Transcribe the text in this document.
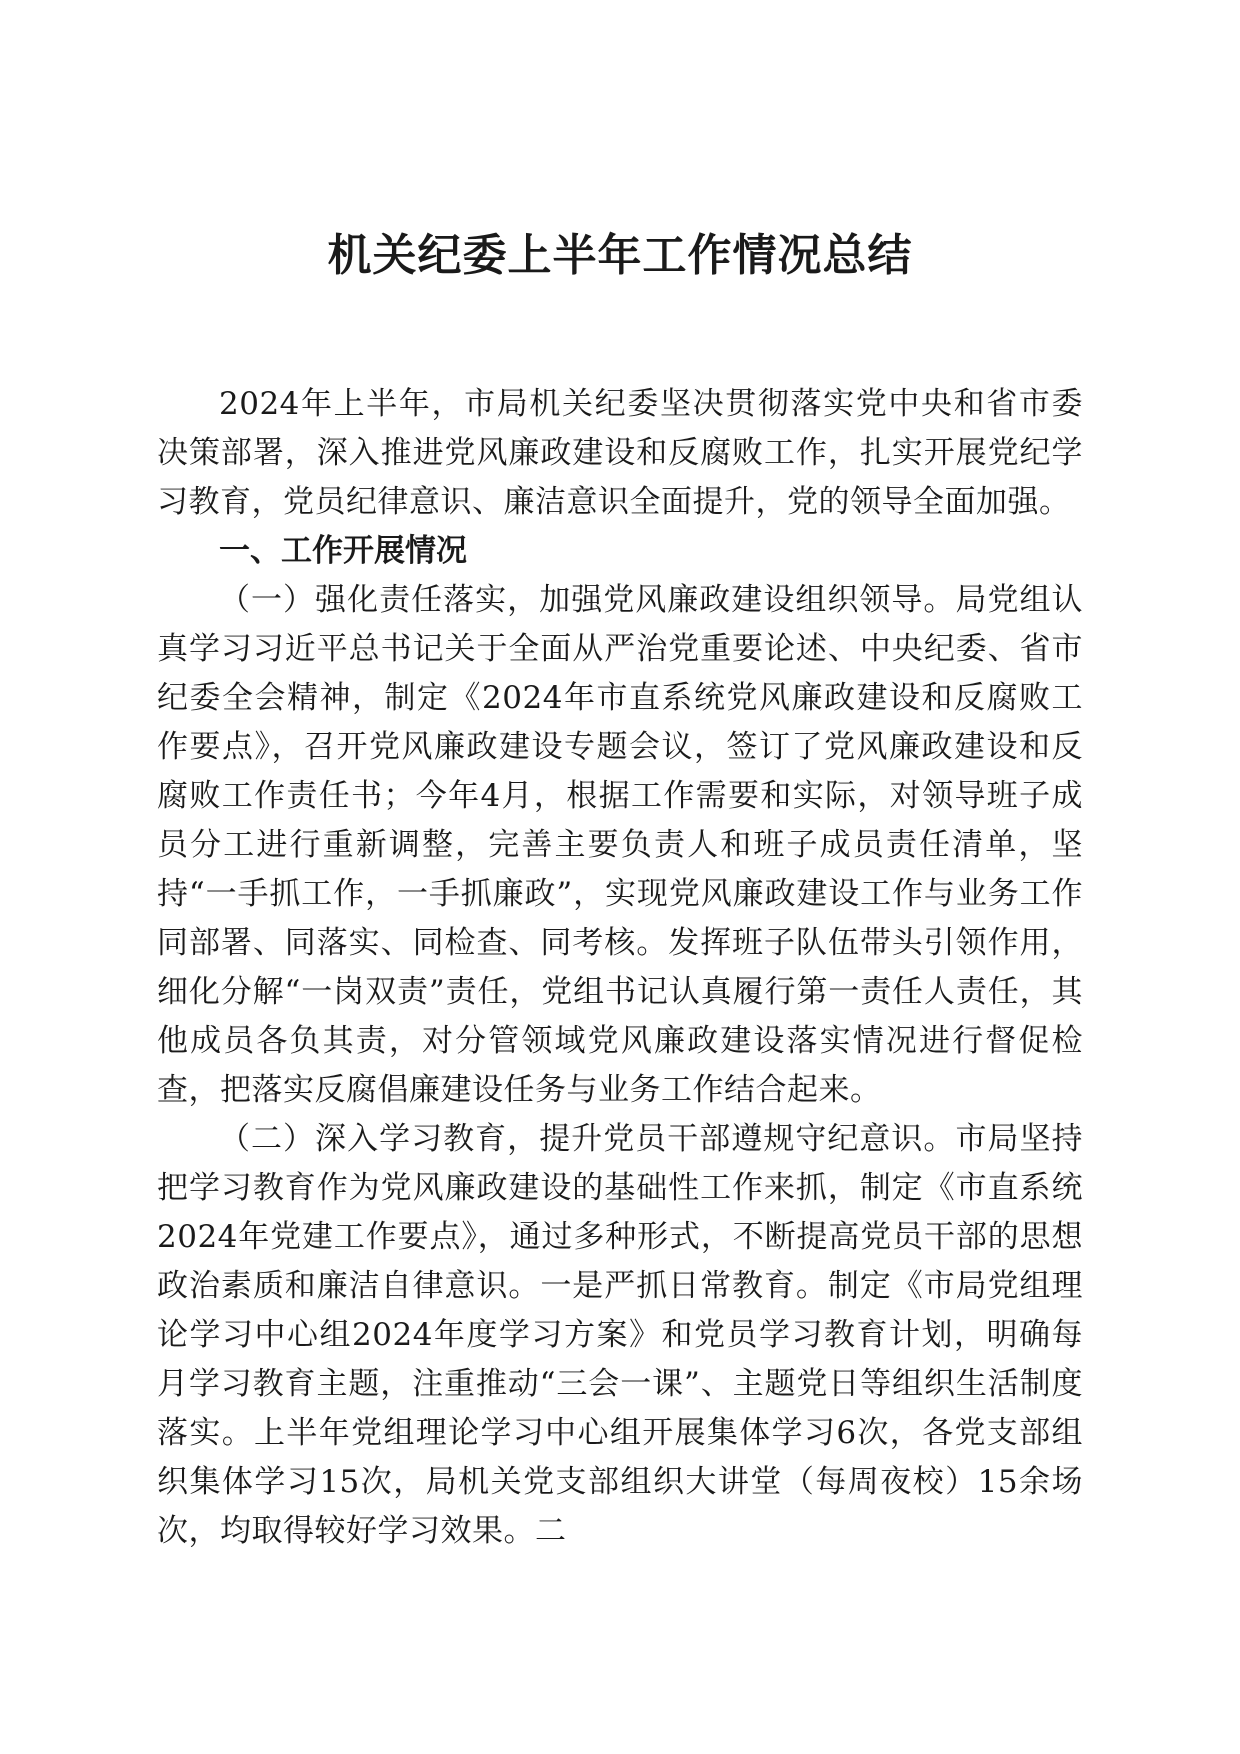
机关纪委上半年工作情况总结

2024年上半年，市局机关纪委坚决贯彻落实党中央和省市委决策部署，深入推进党风廉政建设和反腐败工作，扎实开展党纪学习教育，党员纪律意识、廉洁意识全面提升，党的领导全面加强。

一、工作开展情况

（一）强化责任落实，加强党风廉政建设组织领导。局党组认真学习习近平总书记关于全面从严治党重要论述、中央纪委、省市纪委全会精神，制定《2024年市直系统党风廉政建设和反腐败工作要点》，召开党风廉政建设专题会议，签订了党风廉政建设和反腐败工作责任书；今年4月，根据工作需要和实际，对领导班子成员分工进行重新调整，完善主要负责人和班子成员责任清单，坚持“一手抓工作，一手抓廉政”，实现党风廉政建设工作与业务工作同部署、同落实、同检查、同考核。发挥班子队伍带头引领作用，细化分解“一岗双责”责任，党组书记认真履行第一责任人责任，其他成员各负其责，对分管领域党风廉政建设落实情况进行督促检查，把落实反腐倡廉建设任务与业务工作结合起来。

（二）深入学习教育，提升党员干部遵规守纪意识。市局坚持把学习教育作为党风廉政建设的基础性工作来抓，制定《市直系统2024年党建工作要点》，通过多种形式，不断提高党员干部的思想政治素质和廉洁自律意识。一是严抓日常教育。制定《市局党组理论学习中心组2024年度学习方案》和党员学习教育计划，明确每月学习教育主题，注重推动“三会一课”、主题党日等组织生活制度落实。上半年党组理论学习中心组开展集体学习6次，各党支部组织集体学习15次，局机关党支部组织大讲堂（每周夜校）15余场次，均取得较好学习效果。二
